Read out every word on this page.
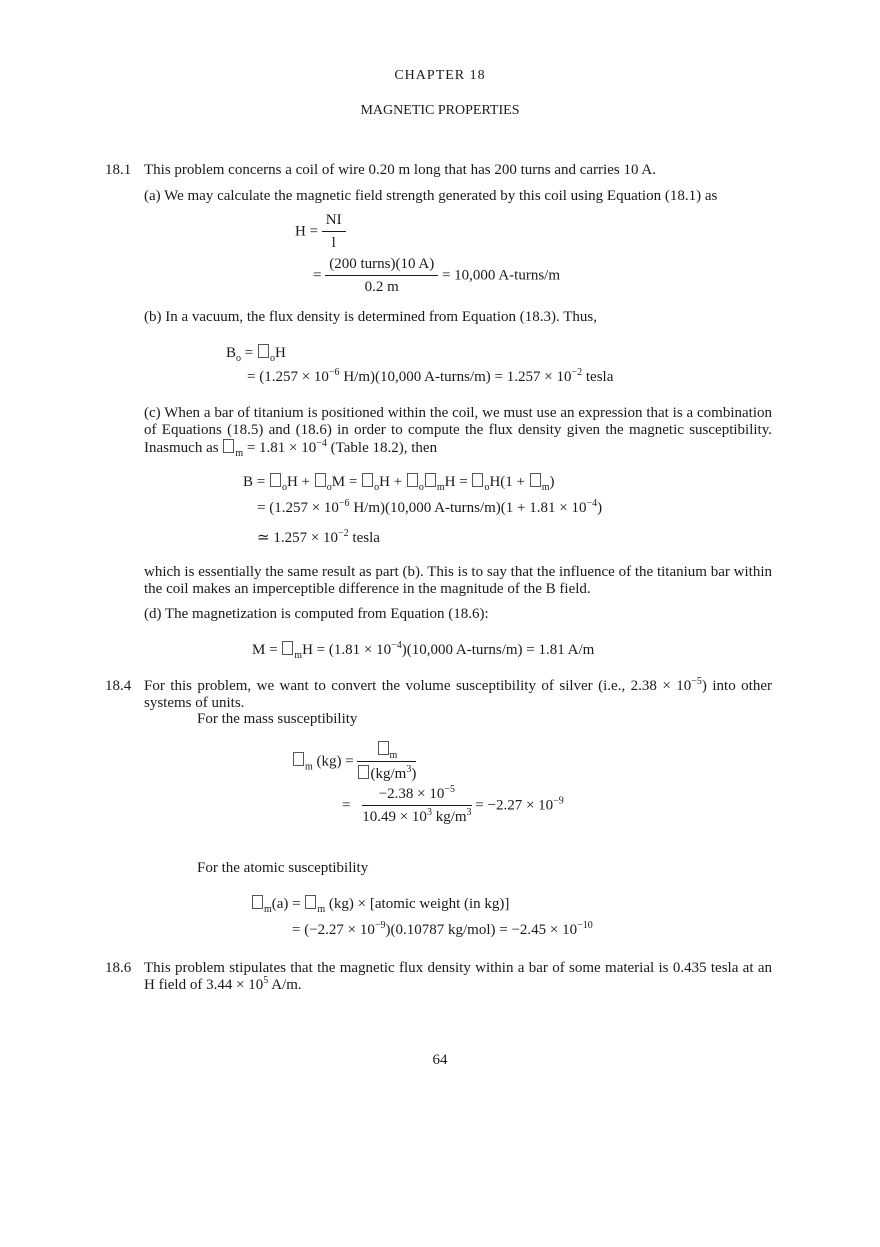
CHAPTER 18
MAGNETIC PROPERTIES
18.1 This problem concerns a coil of wire 0.20 m long that has 200 turns and carries 10 A.
(a) We may calculate the magnetic field strength generated by this coil using Equation (18.1) as
$H = \frac{NI}{l}$
= $\frac{\text{(200 turns)(10 A)}}{0.2 m} = 10,000$ A-turns/m
(b) In a vacuum, the flux density is determined from Equation (18.3). Thus,
$B_o = _oH$
= ($1.257 \times 10^{-6}$ H/m)(10,000 A-turns/m) = $1.257 \times 10^{-2}$ tesla
(c) When a bar of titanium is positioned within the coil, we must use an expression that is a combination of Equations (18.5) and (18.6) in order to compute the flux density given the magnetic susceptibility. Inasmuch as $_m = 1.81 \times 10^{-4}$ (Table 18.2), then
B = $_o$H + $_o$M = $_o$H + $_o$ $_m$H = $_o$H(1 + $_m$)
= ($1.257 \times 10^{-6}$ H/m)(10,000 A-turns/m)(1 + $1.81 \times 10^{-4}$)
≃ $1.257 \times 10^{-2}$ tesla
which is essentially the same result as part (b). This is to say that the influence of the titanium bar within the coil makes an imperceptible difference in the magnitude of the B field.
(d) The magnetization is computed from Equation (18.6):
$M = _mH = (1.81 \times 10^{-4})(10,000$ A-turns/m) = 1.81 A/m
18.4 For this problem, we want to convert the volume susceptibility of silver (i.e., $2.38 \times 10^{-5}$) into other systems of units.
For the mass susceptibility
$_m$ $(kg) = \frac{_m}{(kg/m^3)}$
= $\frac{-2.38 \times 10^{-5}}{10.49 \times 10^3 kg/m^3} = -2.27 \times 10^{-9}$
For the atomic susceptibility
$_m$(a) = $_m$ (kg) × [atomic weight (in kg)]
= $(-2.27 \times 10^{-9})(0.10787$ $kg/mol) = -2.45 \times 10^{-10}$
18.6 This problem stipulates that the magnetic flux density within a bar of some material is 0.435 tesla at an H field of $3.44 \times 10^5$ A/m.
64
